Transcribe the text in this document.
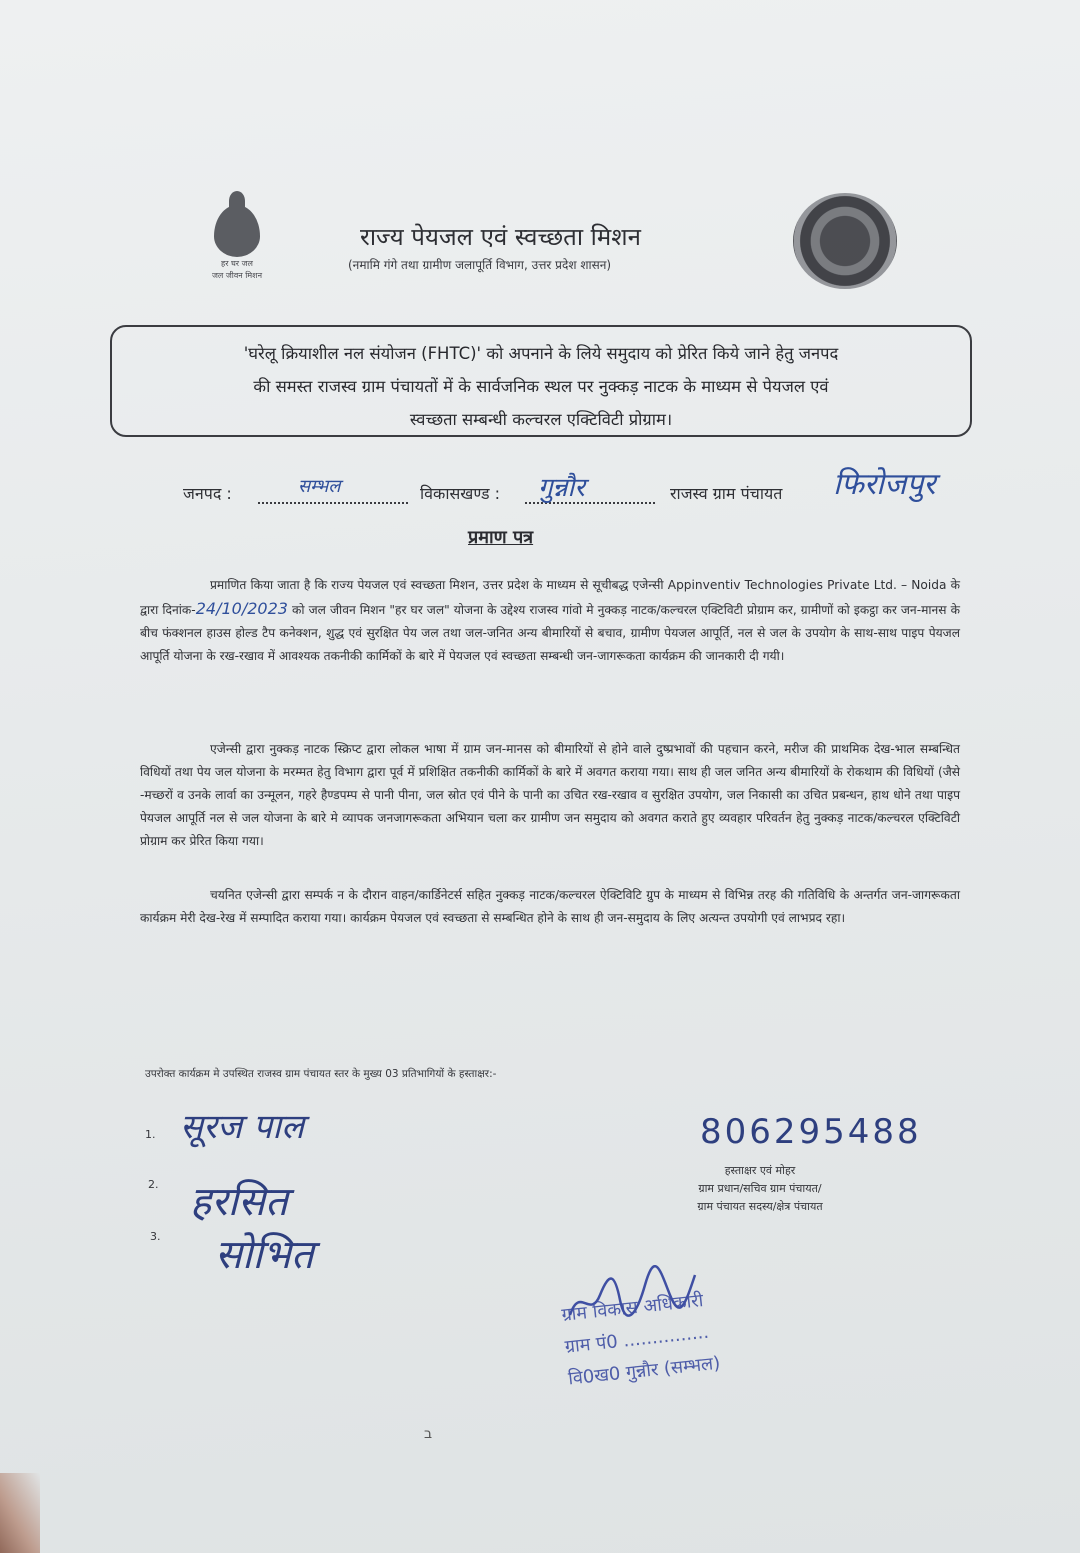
हर घर जल
जल जीवन मिशन
राज्य पेयजल एवं स्वच्छता मिशन
(नमामि गंगे तथा ग्रामीण जलापूर्ति विभाग, उत्तर प्रदेश शासन)
'घरेलू क्रियाशील नल संयोजन (FHTC)' को अपनाने के लिये समुदाय को प्रेरित किये जाने हेतु जनपद
की समस्त राजस्व ग्राम पंचायतों में के सार्वजनिक स्थल पर नुक्कड़ नाटक के माध्यम से पेयजल एवं
स्वच्छता सम्बन्धी कल्चरल एक्टिविटी प्रोग्राम।
जनपद :	सम्भल	विकासखण्ड : गुन्नौर	राजस्व ग्राम पंचायत फिरोजपुर
प्रमाण पत्र
प्रमाणित किया जाता है कि राज्य पेयजल एवं स्वच्छता मिशन, उत्तर प्रदेश के माध्यम से सूचीबद्ध एजेन्सी Appinventiv Technologies Private Ltd. – Noida के द्वारा दिनांक-24/10/2023 को जल जीवन मिशन "हर घर जल" योजना के उद्देश्य राजस्व गांवो मे नुक्कड़ नाटक/कल्चरल एक्टिविटी प्रोग्राम कर, ग्रामीणों को इकट्ठा कर जन-मानस के बीच फंक्शनल हाउस होल्ड टैप कनेक्शन, शुद्ध एवं सुरक्षित पेय जल तथा जल-जनित अन्य बीमारियों से बचाव, ग्रामीण पेयजल आपूर्ति, नल से जल के उपयोग के साथ-साथ पाइप पेयजल आपूर्ति योजना के रख-रखाव में आवश्यक तकनीकी कार्मिकों के बारे में पेयजल एवं स्वच्छता सम्बन्धी जन-जागरूकता कार्यक्रम की जानकारी दी गयी।
एजेन्सी द्वारा नुक्कड़ नाटक स्क्रिप्ट द्वारा लोकल भाषा में ग्राम जन-मानस को बीमारियों से होने वाले दुष्प्रभावों की पहचान करने, मरीज की प्राथमिक देख-भाल सम्बन्धित विधियों तथा पेय जल योजना के मरम्मत हेतु विभाग द्वारा पूर्व में प्रशिक्षित तकनीकी कार्मिकों के बारे में अवगत कराया गया। साथ ही जल जनित अन्य बीमारियों के रोकथाम की विधियों (जैसे -मच्छरों व उनके लार्वा का उन्मूलन, गहरे हैण्डपम्प से पानी पीना, जल स्रोत एवं पीने के पानी का उचित रख-रखाव व सुरक्षित उपयोग, जल निकासी का उचित प्रबन्धन, हाथ धोने तथा पाइप पेयजल आपूर्ति नल से जल योजना के बारे मे व्यापक जनजागरूकता अभियान चला कर ग्रामीण जन समुदाय को अवगत कराते हुए व्यवहार परिवर्तन हेतु नुक्कड़ नाटक/कल्चरल एक्टिविटी प्रोग्राम कर प्रेरित किया गया।
चयनित एजेन्सी द्वारा सम्पर्क न के दौरान वाहन/कार्डिनेटर्स सहित नुक्कड़ नाटक/कल्चरल ऐक्टिविटि ग्रुप के माध्यम से विभिन्न तरह की गतिविधि के अन्तर्गत जन-जागरूकता कार्यक्रम मेरी देख-रेख में सम्पादित कराया गया। कार्यक्रम पेयजल एवं स्वच्छता से सम्बन्धित होने के साथ ही जन-समुदाय के लिए अत्यन्त उपयोगी एवं लाभप्रद रहा।
उपरोक्त कार्यक्रम मे उपस्थित राजस्व ग्राम पंचायत स्तर के मुख्य 03 प्रतिभागियों के हस्ताक्षर:-
1. सूरज पाल
2. हरसित
3. सोभित
806295488
हस्ताक्षर एवं मोहर
ग्राम प्रधान/सचिव ग्राम पंचायत/
ग्राम पंचायत सदस्य/क्षेत्र पंचायत
ग्राम विकास अधिकारी
ग्राम पं0 ...............
वि0ख0 गुन्नौर (सम्भल)
ב
